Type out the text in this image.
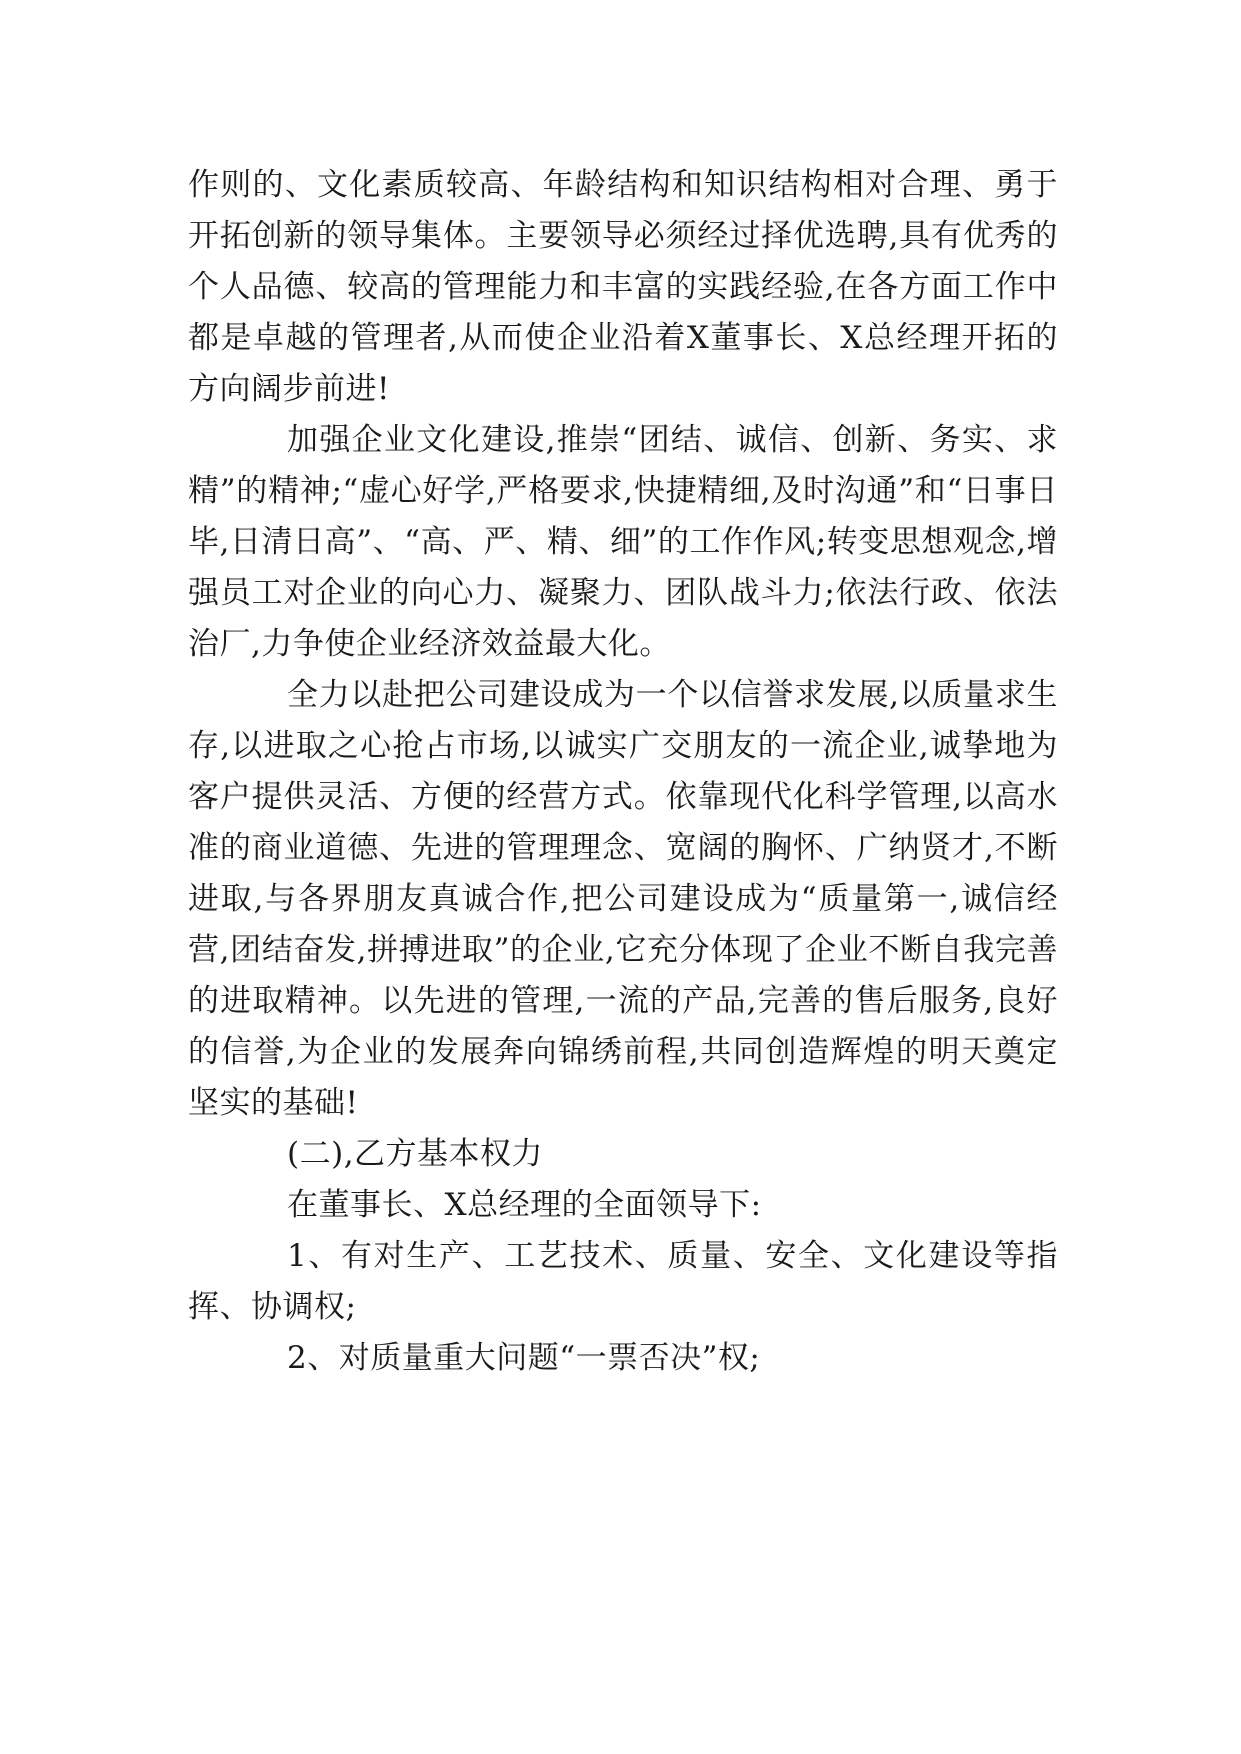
作则的、文化素质较高、年龄结构和知识结构相对合理、勇于开拓创新的领导集体。主要领导必须经过择优选聘,具有优秀的个人品德、较高的管理能力和丰富的实践经验,在各方面工作中都是卓越的管理者,从而使企业沿着X董事长、X总经理开拓的方向阔步前进!

加强企业文化建设,推崇“团结、诚信、创新、务实、求精”的精神;“虚心好学,严格要求,快捷精细,及时沟通”和“日事日毕,日清日高”、“高、严、精、细”的工作作风;转变思想观念,增强员工对企业的向心力、凝聚力、团队战斗力;依法行政、依法治厂,力争使企业经济效益最大化。

全力以赴把公司建设成为一个以信誉求发展,以质量求生存,以进取之心抢占市场,以诚实广交朋友的一流企业,诚挚地为客户提供灵活、方便的经营方式。依靠现代化科学管理,以高水准的商业道德、先进的管理理念、宽阔的胸怀、广纳贤才,不断进取,与各界朋友真诚合作,把公司建设成为“质量第一,诚信经营,团结奋发,拼搏进取”的企业,它充分体现了企业不断自我完善的进取精神。以先进的管理,一流的产品,完善的售后服务,良好的信誉,为企业的发展奔向锦绣前程,共同创造辉煌的明天奠定坚实的基础!

(二),乙方基本权力

在董事长、X总经理的全面领导下:

1、有对生产、工艺技术、质量、安全、文化建设等指挥、协调权;

2、对质量重大问题“一票否决”权;
